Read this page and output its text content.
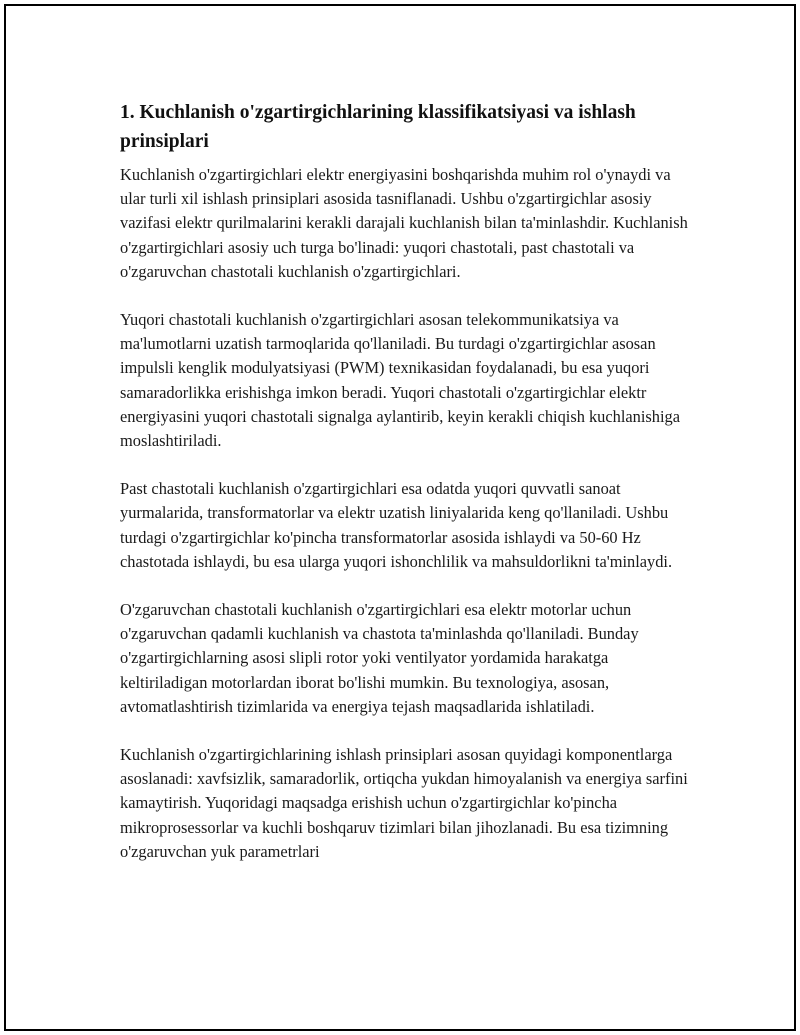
1. Kuchlanish o'zgartirgichlarining klassifikatsiyasi va ishlash prinsiplari

Kuchlanish o'zgartirgichlari elektr energiyasini boshqarishda muhim rol o'ynaydi va ular turli xil ishlash prinsiplari asosida tasniflanadi. Ushbu o'zgartirgichlar asosiy vazifasi elektr qurilmalarini kerakli darajali kuchlanish bilan ta'minlashdir. Kuchlanish o'zgartirgichlari asosiy uch turga bo'linadi: yuqori chastotali, past chastotali va o'zgaruvchan chastotali kuchlanish o'zgartirgichlari.

Yuqori chastotali kuchlanish o'zgartirgichlari asosan telekommunikatsiya va ma'lumotlarni uzatish tarmoqlarida qo'llaniladi. Bu turdagi o'zgartirgichlar asosan impulsli kenglik modulyatsiyasi (PWM) texnikasidan foydalanadi, bu esa yuqori samaradorlikka erishishga imkon beradi. Yuqori chastotali o'zgartirgichlar elektr energiyasini yuqori chastotali signalga aylantirib, keyin kerakli chiqish kuchlanishiga moslashtiriladi.

Past chastotali kuchlanish o'zgartirgichlari esa odatda yuqori quvvatli sanoat yurmalarida, transformatorlar va elektr uzatish liniyalarida keng qo'llaniladi. Ushbu turdagi o'zgartirgichlar ko'pincha transformatorlar asosida ishlaydi va 50-60 Hz chastotada ishlaydi, bu esa ularga yuqori ishonchlilik va mahsuldorlikni ta'minlaydi.

O'zgaruvchan chastotali kuchlanish o'zgartirgichlari esa elektr motorlar uchun o'zgaruvchan qadamli kuchlanish va chastota ta'minlashda qo'llaniladi. Bunday o'zgartirgichlarning asosi slipli rotor yoki ventilyator yordamida harakatga keltiriladigan motorlardan iborat bo'lishi mumkin. Bu texnologiya, asosan, avtomatlashtirish tizimlarida va energiya tejash maqsadlarida ishlatiladi.

Kuchlanish o'zgartirgichlarining ishlash prinsiplari asosan quyidagi komponentlarga asoslanadi: xavfsizlik, samaradorlik, ortiqcha yukdan himoyalanish va energiya sarfini kamaytirish. Yuqoridagi maqsadga erishish uchun o'zgartirgichlar ko'pincha mikroprosessorlar va kuchli boshqaruv tizimlari bilan jihozlanadi. Bu esa tizimning o'zgaruvchan yuk parametrlari
